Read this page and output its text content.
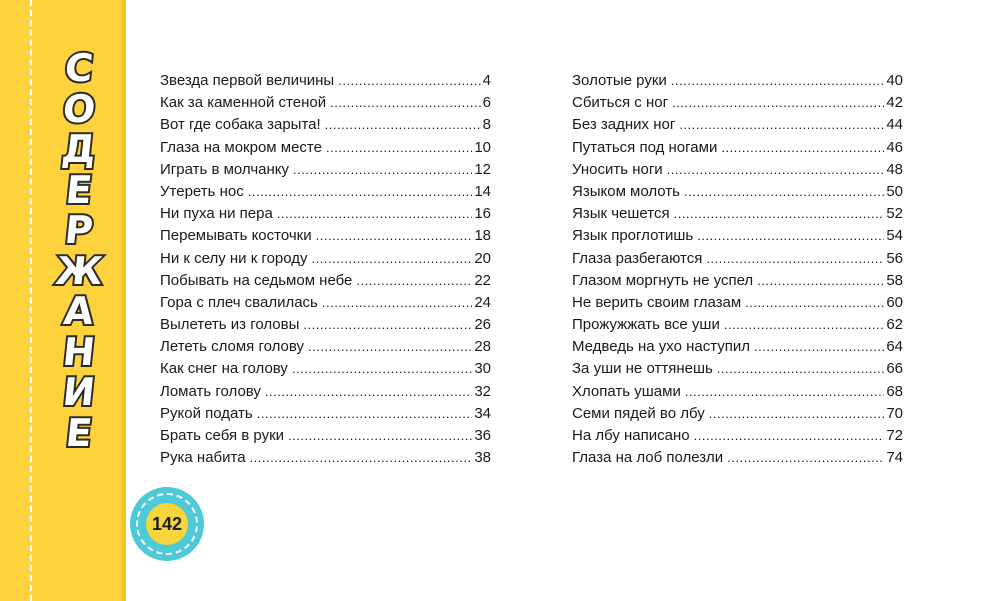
С
О
Д
Е
Р
Ж
А
Н
И
Е
142
Звезда первой величины .....	4
Как за каменной стеной .....	6
Вот где собака зарыта! .....	8
Глаза на мокром месте .....	10
Играть в молчанку .....	12
Утереть нос .....	14
Ни пуха ни пера .....	16
Перемывать косточки .....	18
Ни к селу ни к городу .....	20
Побывать на седьмом небе .....	22
Гора с плеч свалилась .....	24
Вылететь из головы .....	26
Лететь сломя голову .....	28
Как снег на голову .....	30
Ломать голову .....	32
Рукой подать .....	34
Брать себя в руки .....	36
Рука набита .....	38
Золотые руки .....	40
Сбиться с ног .....	42
Без задних ног .....	44
Путаться под ногами .....	46
Уносить ноги .....	48
Языком молоть .....	50
Язык чешется .....	52
Язык проглотишь .....	54
Глаза разбегаются .....	56
Глазом моргнуть не успел .....	58
Не верить своим глазам .....	60
Прожужжать все уши .....	62
Медведь на ухо наступил .....	64
За уши не оттянешь .....	66
Хлопать ушами .....	68
Семи пядей во лбу .....	70
На лбу написано .....	72
Глаза на лоб полезли .....	74
